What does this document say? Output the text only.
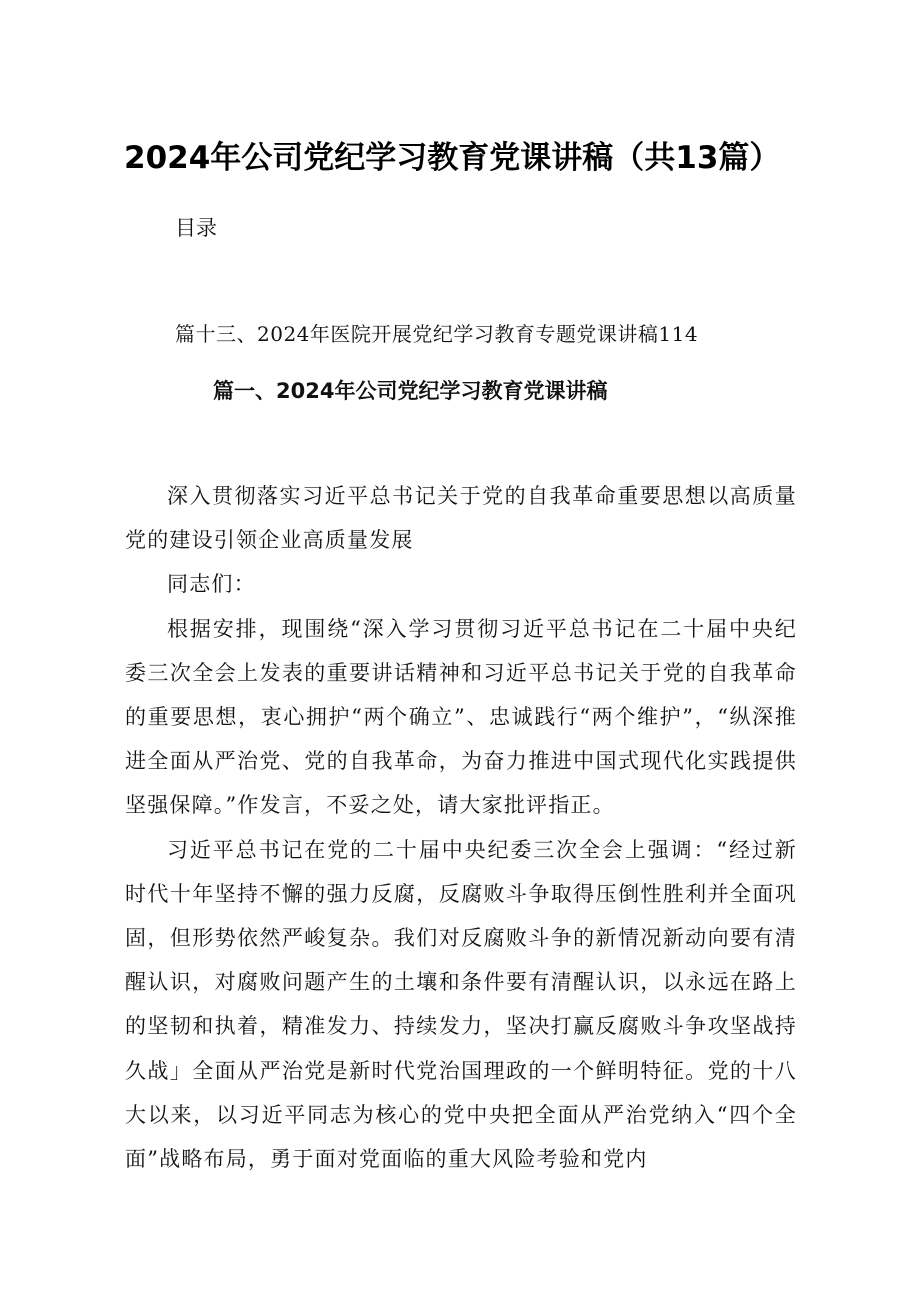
2024年公司党纪学习教育党课讲稿（共13篇）
目录
篇十三、2024年医院开展党纪学习教育专题党课讲稿114
篇一、2024年公司党纪学习教育党课讲稿

深入贯彻落实习近平总书记关于党的自我革命重要思想以高质量党的建设引领企业高质量发展

同志们：

根据安排，现围绕“深入学习贯彻习近平总书记在二十届中央纪委三次全会上发表的重要讲话精神和习近平总书记关于党的自我革命的重要思想，衷心拥护“两个确立”、忠诚践行“两个维护”，“纵深推进全面从严治党、党的自我革命，为奋力推进中国式现代化实践提供坚强保障。”作发言，不妥之处，请大家批评指正。

习近平总书记在党的二十届中央纪委三次全会上强调：“经过新时代十年坚持不懈的强力反腐，反腐败斗争取得压倒性胜利并全面巩固，但形势依然严峻复杂。我们对反腐败斗争的新情况新动向要有清醒认识，对腐败问题产生的土壤和条件要有清醒认识，以永远在路上的坚韧和执着，精准发力、持续发力，坚决打赢反腐败斗争攻坚战持久战」全面从严治党是新时代党治国理政的一个鲜明特征。党的十八大以来，以习近平同志为核心的党中央把全面从严治党纳入“四个全面”战略布局，勇于面对党面临的重大风险考验和党内
